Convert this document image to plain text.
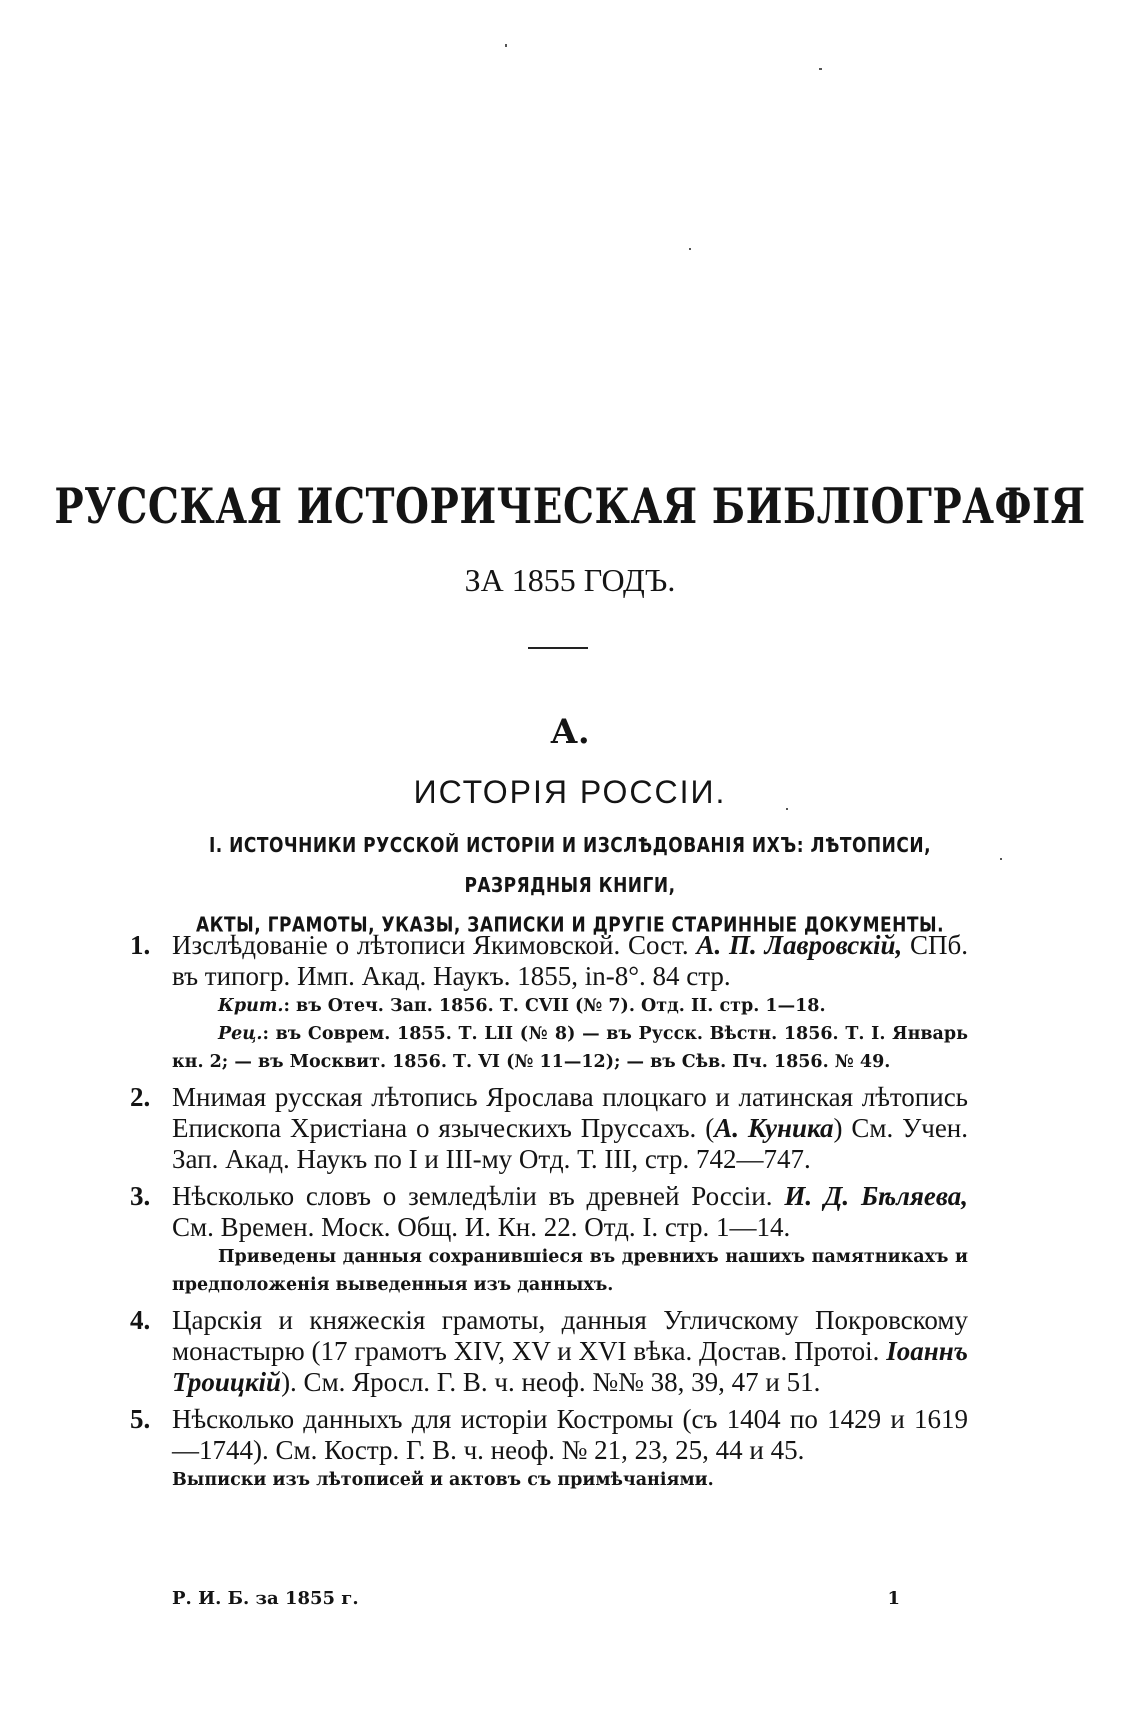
РУССКАЯ ИСТОРИЧЕСКАЯ БИБЛІОГРАФІЯ
ЗА 1855 ГОДЪ.
А.
ИСТОРІЯ РОССІИ.
I. ИСТОЧНИКИ РУССКОЙ ИСТОРІИ И ИЗСЛѢДОВАНІЯ ИХЪ: ЛѢТОПИСИ, РАЗРЯДНЫЯ КНИГИ,
АКТЫ, ГРАМОТЫ, УКАЗЫ, ЗАПИСКИ И ДРУГІЕ СТАРИННЫЕ ДОКУМЕНТЫ.
1. Изслѣдованіе о лѣтописи Якимовской. Сост. А. П. Лавровскій, СПб. въ типогр. Имп. Акад. Наукъ. 1855, in-8°. 84 стр.
Крит.: въ Отеч. Зап. 1856. Т. CVII (№ 7). Отд. II. стр. 1—18.
Рец.: въ Соврем. 1855. Т. LII (№ 8) — въ Русск. Вѣстн. 1856. Т. I. Январь кн. 2; — въ Москвит. 1856. Т. VI (№ 11—12); — въ Сѣв. Пч. 1856. № 49.
2. Мнимая русская лѣтопись Ярослава плоцкаго и латинская лѣтопись Епископа Христіана о языческихъ Пруссахъ. (А. Куника) См. Учен. Зап. Акад. Наукъ по I и III-му Отд. Т. III, стр. 742—747.
3. Нѣсколько словъ о земледѣліи въ древней Россіи. И. Д. Бѣляева, См. Времен. Моск. Общ. И. Кн. 22. Отд. I. стр. 1—14.
Приведены данныя сохранившіеся въ древнихъ нашихъ памятникахъ и предположенія выведенныя изъ данныхъ.
4. Царскія и княжескія грамоты, данныя Угличскому Покровскому монастырю (17 грамотъ XIV, XV и XVI вѣка. Достав. Протоі. Іоаннъ Троицкій). См. Яросл. Г. В. ч. неоф. №№ 38, 39, 47 и 51.
5. Нѣсколько данныхъ для исторіи Костромы (съ 1404 по 1429 и 1619—1744). См. Костр. Г. В. ч. неоф. № 21, 23, 25, 44 и 45.
Выписки изъ лѣтописей и актовъ съ примѣчаніями.
Р. И. Б. за 1855 г.	1
